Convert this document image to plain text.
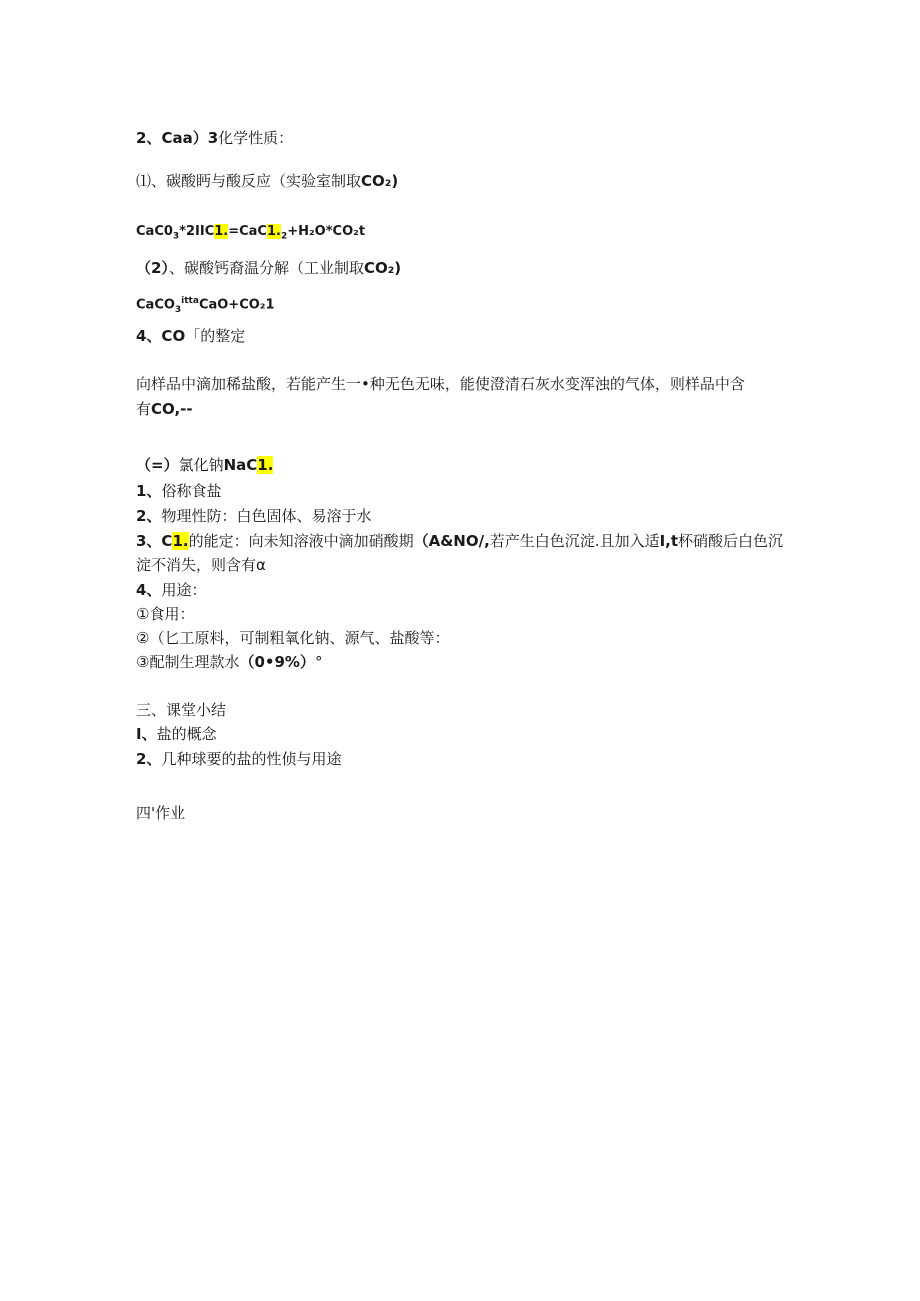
2、Caa）3化学性质：
⑴、碳酸眄与酸反应（实验室制取CO₂)
$CaC0_3*2IIC1.=CaC1._2+H_2O*CO_2t$
（2）、碳酸钙裔温分解（工业制取CO₂)
CaCO$_3^{itta}$CaO+CO₂1
4、CO「的整定
向样品中滴加稀盐酸，若能产生一•种无色无味，能使澄清石灰水变浑浊的气体，则样品中含
有CO,--
（=）氯化钠NaC1.
1、俗称食盐
2、物理性防：白色固体、易溶于水
3、C1.的能定：向未知溶液中滴加硝酸期（A&NO/,若产生白色沉淀.且加入适I,t杯硝酸后白色沉
淀不消失，则含有α
4、用途：
①食用：
②（匕工原料，可制粗氧化钠、源气、盐酸等：
③配制生理款水（0•9%）°
三、课堂小结
I、盐的概念
2、几种球要的盐的性侦与用途
四'作业
